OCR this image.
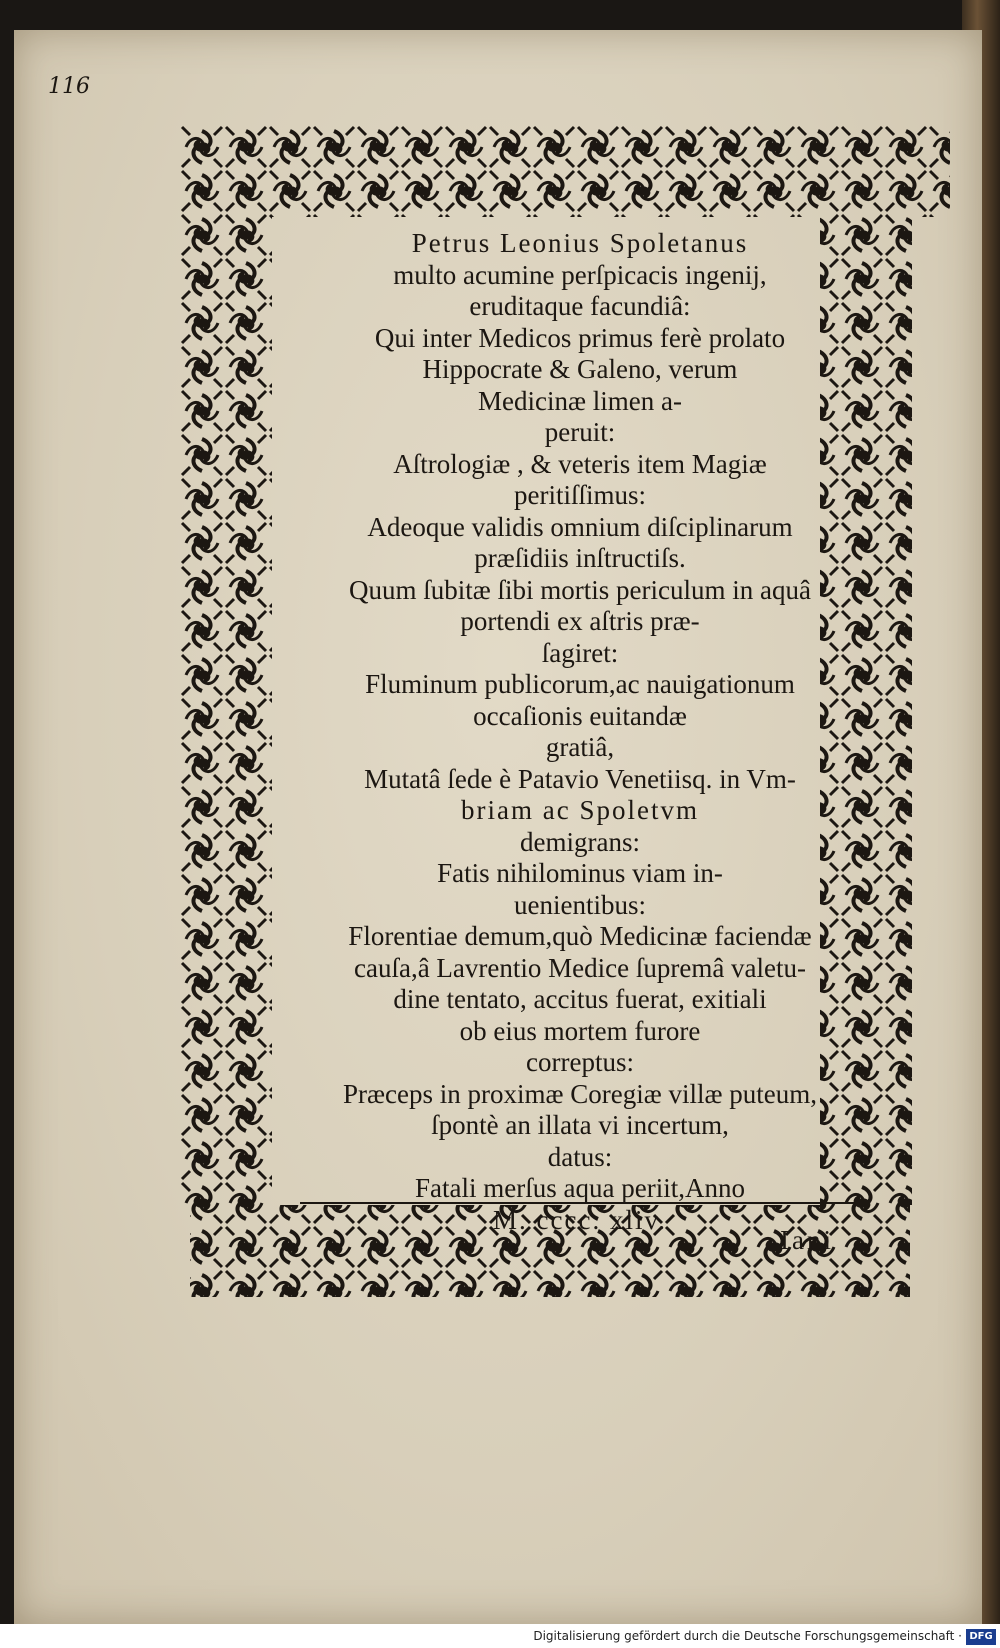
116
Petrus Leonius Spoletanus
multo acumine perſpicacis ingenij,
eruditaque facundiâ:
Qui inter Medicos primus ferè prolato
Hippocrate & Galeno, verum
Medicinæ limen a-
peruit:
Aſtrologiæ , & veteris item Magiæ
peritiſſimus:
Adeoque validis omnium diſciplinarum
præſidiis inſtructiſs.
Quum ſubitæ ſibi mortis periculum in aquâ
portendi ex aſtris præ-
ſagiret:
Fluminum publicorum,ac nauigationum
occaſionis euitandæ
gratiâ,
Mutatâ ſede è Patavio Venetiisq. in Vm-
briam ac Spoletvm
demigrans:
Fatis nihilominus viam in-
uenientibus:
Florentiae demum,quò Medicinæ faciendæ
cauſa,â Lavrentio Medice ſupremâ valetu-
dine tentato, accitus fuerat, exitiali
ob eius mortem furore
correptus:
Præceps in proximæ Coregiæ villæ puteum,
ſpontè an illata vi incertum,
datus:
Fatali merſus aqua periit,Anno
M. cccc. xliv.
Iani
Digitalisierung gefördert durch die Deutsche Forschungsgemeinschaft · DFG
